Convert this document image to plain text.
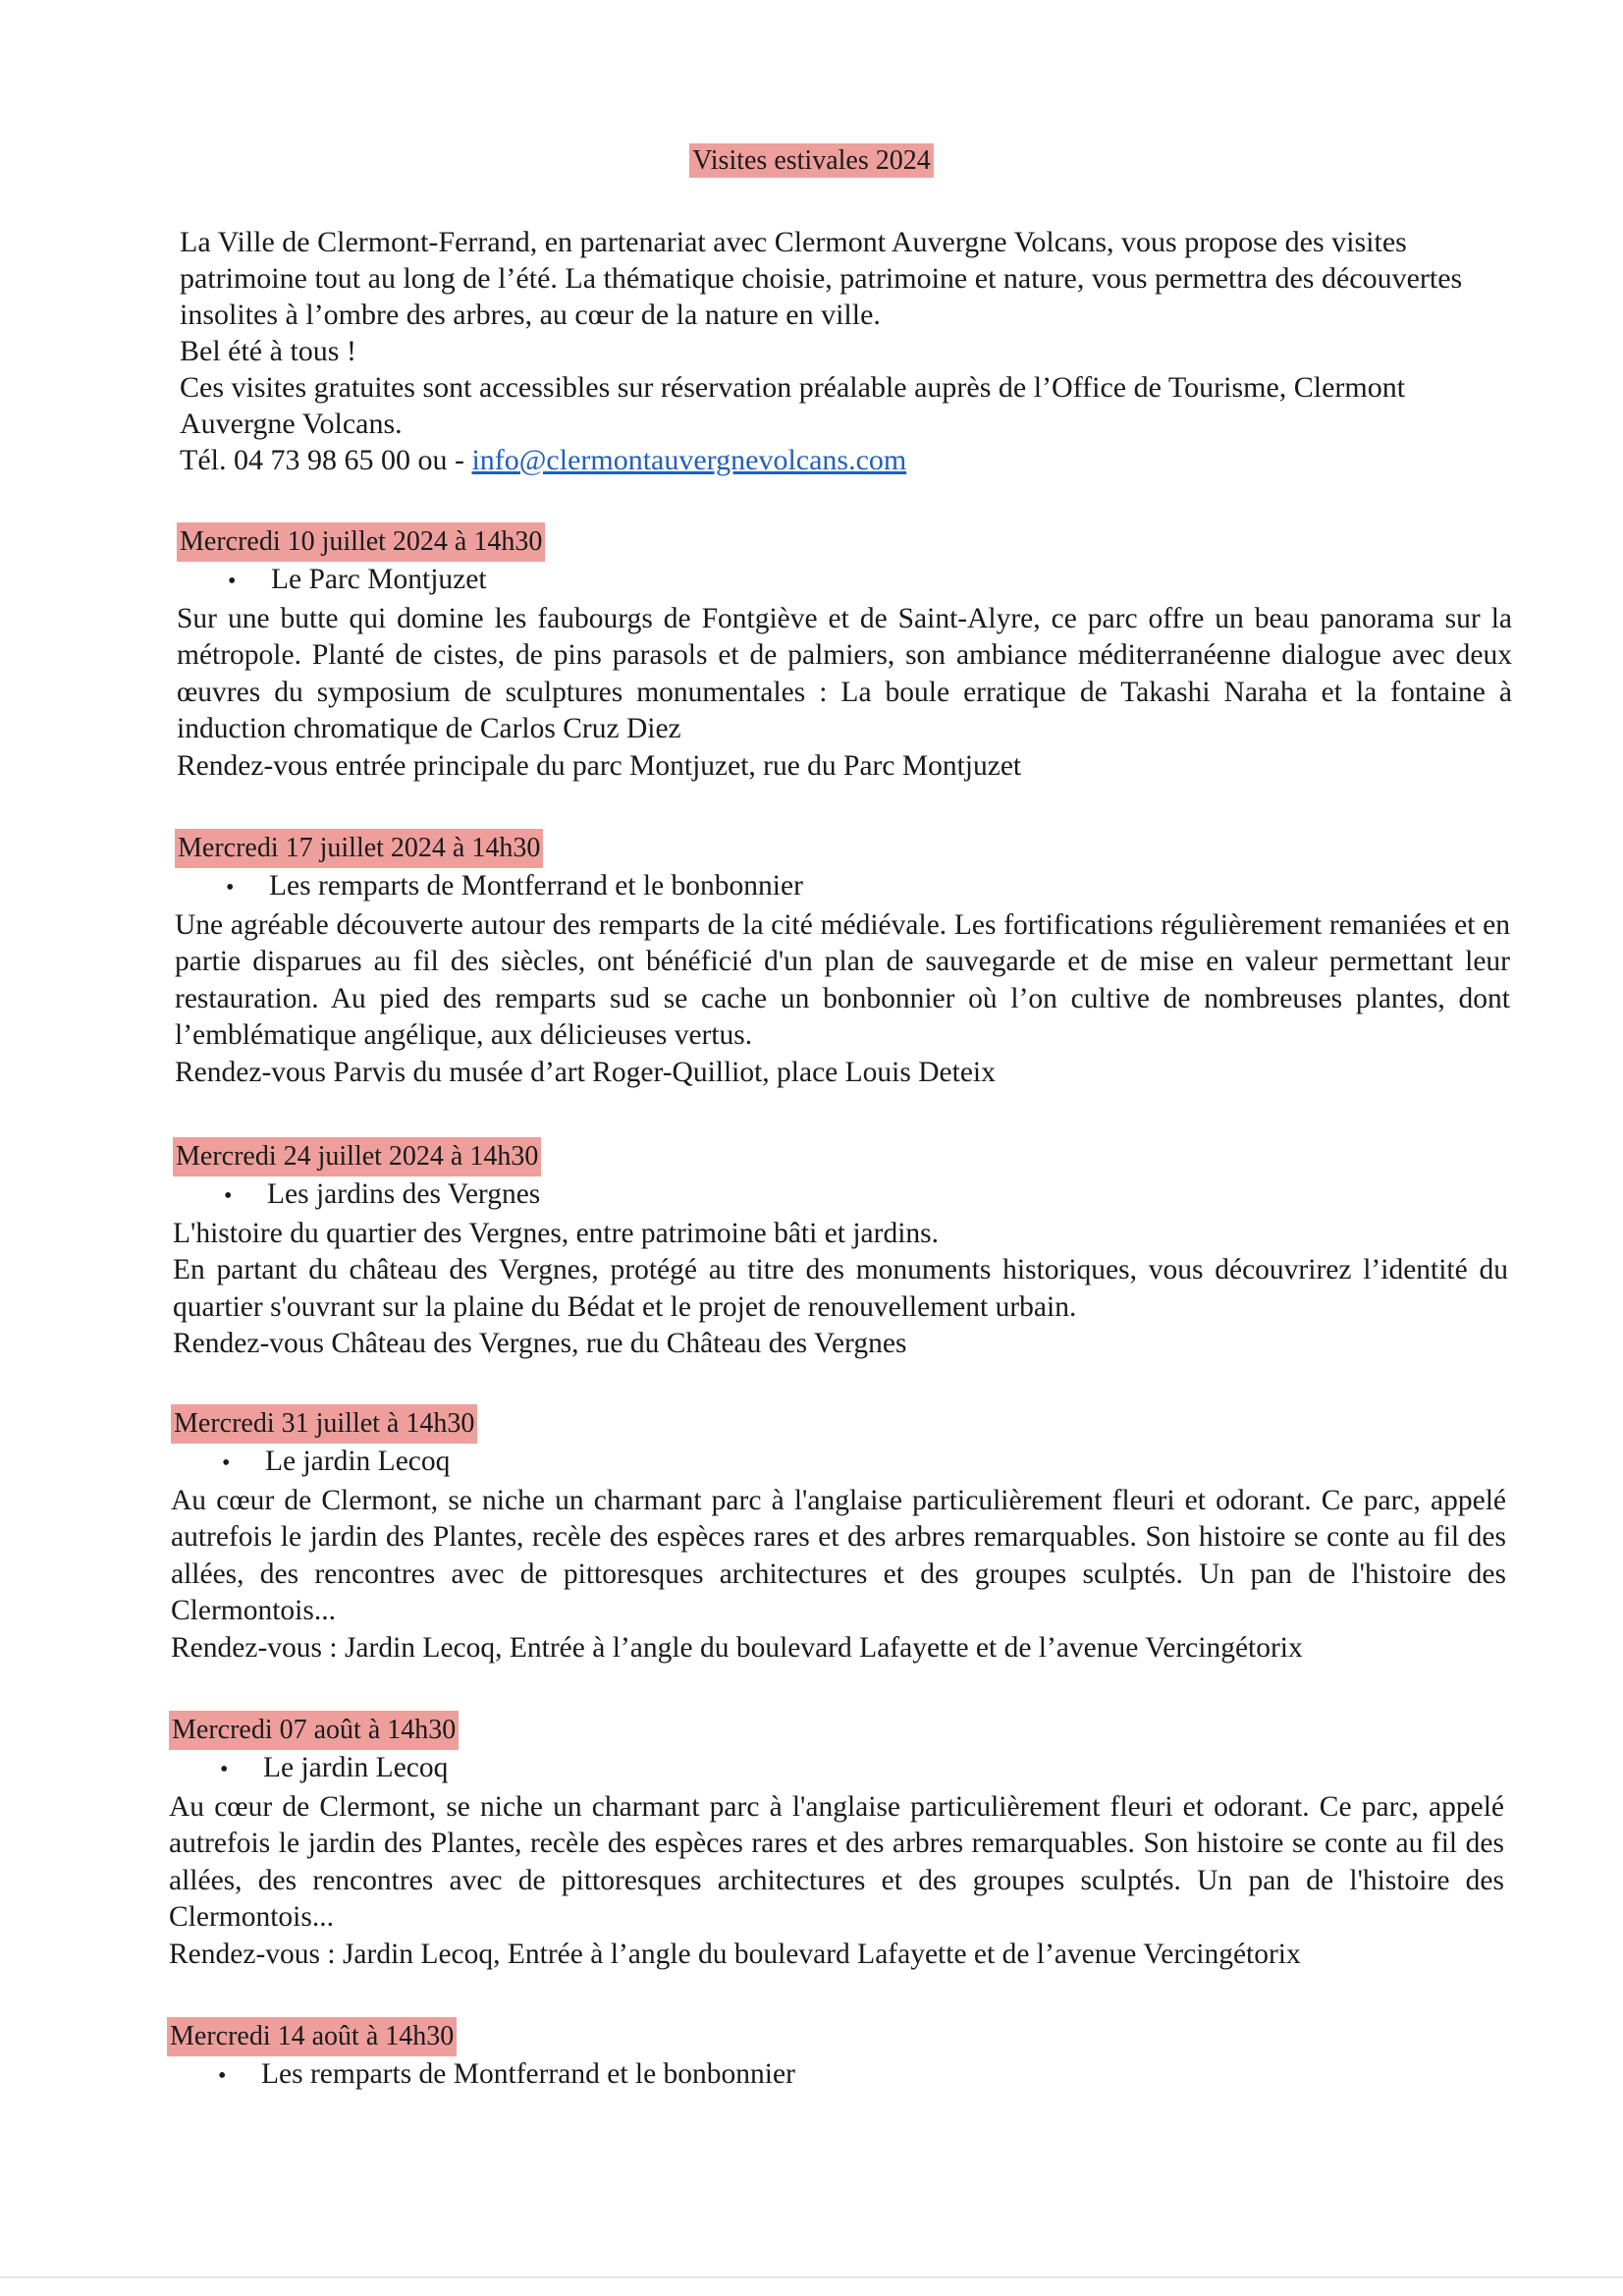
Visites estivales 2024

La Ville de Clermont-Ferrand, en partenariat avec Clermont Auvergne Volcans, vous propose des visites patrimoine tout au long de l’été. La thématique choisie, patrimoine et nature, vous permettra des découvertes insolites à l’ombre des arbres, au cœur de la nature en ville.

Bel été à tous !

Ces visites gratuites sont accessibles sur réservation préalable auprès de l’Office de Tourisme, Clermont Auvergne Volcans.

Tél. 04 73 98 65 00 ou - info@clermontauvergnevolcans.com

Mercredi 10 juillet 2024 à 14h30

•	Le Parc Montjuzet

Sur une butte qui domine les faubourgs de Fontgiève et de Saint-Alyre, ce parc offre un beau panorama sur la métropole. Planté de cistes, de pins parasols et de palmiers, son ambiance méditerranéenne dialogue avec deux œuvres du symposium de sculptures monumentales : La boule erratique de Takashi Naraha et la fontaine à induction chromatique de Carlos Cruz Diez

Rendez-vous entrée principale du parc Montjuzet, rue du Parc Montjuzet

Mercredi 17 juillet 2024 à 14h30

•	Les remparts de Montferrand et le bonbonnier

Une agréable découverte autour des remparts de la cité médiévale. Les fortifications régulièrement remaniées et en partie disparues au fil des siècles, ont bénéficié d'un plan de sauvegarde et de mise en valeur permettant leur restauration. Au pied des remparts sud se cache un bonbonnier où l’on cultive de nombreuses plantes, dont l’emblématique angélique, aux délicieuses vertus.

Rendez-vous Parvis du musée d’art Roger-Quilliot, place Louis Deteix

Mercredi 24 juillet 2024 à 14h30

•	Les jardins des Vergnes

L'histoire du quartier des Vergnes, entre patrimoine bâti et jardins.

En partant du château des Vergnes, protégé au titre des monuments historiques, vous découvrirez l’identité du quartier s'ouvrant sur la plaine du Bédat et le projet de renouvellement urbain.

Rendez-vous Château des Vergnes, rue du Château des Vergnes

Mercredi 31 juillet à 14h30

•	Le jardin Lecoq

Au cœur de Clermont, se niche un charmant parc à l'anglaise particulièrement fleuri et odorant. Ce parc, appelé autrefois le jardin des Plantes, recèle des espèces rares et des arbres remarquables. Son histoire se conte au fil des allées, des rencontres avec de pittoresques architectures et des groupes sculptés. Un pan de l'histoire des Clermontois...

Rendez-vous : Jardin Lecoq, Entrée à l’angle du boulevard Lafayette et de l’avenue Vercingétorix

Mercredi 07 août à 14h30

•	Le jardin Lecoq

Au cœur de Clermont, se niche un charmant parc à l'anglaise particulièrement fleuri et odorant. Ce parc, appelé autrefois le jardin des Plantes, recèle des espèces rares et des arbres remarquables. Son histoire se conte au fil des allées, des rencontres avec de pittoresques architectures et des groupes sculptés. Un pan de l'histoire des Clermontois...

Rendez-vous : Jardin Lecoq, Entrée à l’angle du boulevard Lafayette et de l’avenue Vercingétorix

Mercredi 14 août à 14h30

•	Les remparts de Montferrand et le bonbonnier
